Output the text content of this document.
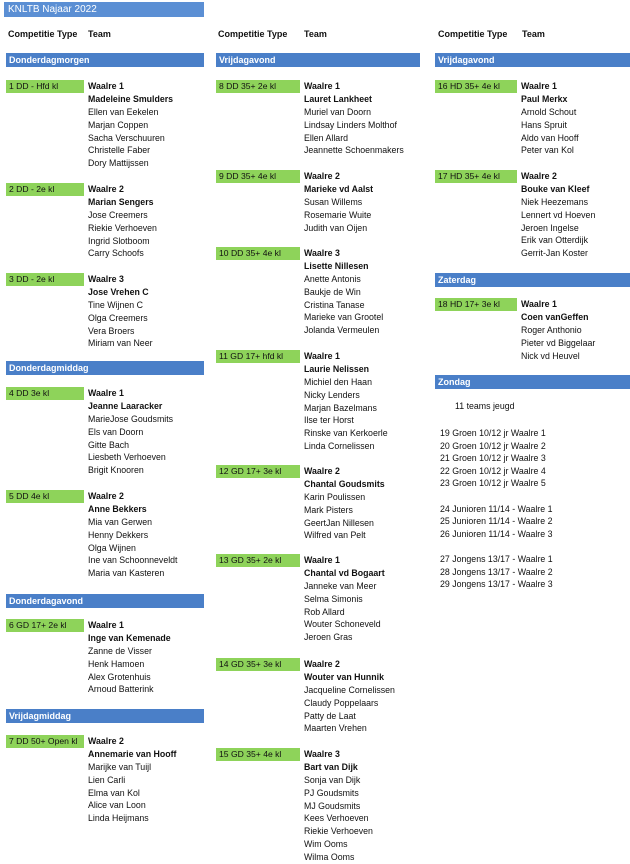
KNLTB Najaar 2022
Competitie Type Team	Competitie Type Team	Competitie Type Team
Donderdagmorgen
1 DD - Hfd kl	Waalre 1
Madeleine Smulders
Ellen van Eekelen
Marjan Coppen
Sacha Verschuuren
Christelle Faber
Dory Mattijssen
2 DD - 2e kl	Waalre 2
Marian Sengers
Jose Creemers
Riekie Verhoeven
Ingrid Slotboom
Carry Schoofs
3 DD - 2e kl	Waalre 3
Jose Vrehen C
Tine Wijnen C
Olga Creemers
Vera Broers
Miriam van Neer
Donderdagmiddag
4 DD 3e kl	Waalre 1
Jeanne Laaracker
MarieJose Goudsmits
Els van Doorn
Gitte Bach
Liesbeth Verhoeven
Brigit Knooren
5 DD 4e kl	Waalre 2
Anne Bekkers
Mia van Gerwen
Henny Dekkers
Olga Wijnen
Ine van Schoonneveldt
Maria van Kasteren
Donderdagavond
6 GD 17+ 2e kl	Waalre 1
Inge van Kemenade
Zanne de Visser
Henk Hamoen
Alex Grotenhuis
Arnoud Batterink
Vrijdagmiddag
7 DD 50+ Open kl	Waalre 2
Annemarie van Hooff
Marijke van Tuijl
Lien Carli
Elma van Kol
Alice van Loon
Linda Heijmans
Vrijdagavond
8 DD 35+ 2e kl	Waalre 1
Lauret Lankheet
Muriel van Doorn
Lindsay Linders Molthof
Ellen Allard
Jeannette Schoenmakers
9 DD 35+ 4e kl	Waalre 2
Marieke vd Aalst
Susan Willems
Rosemarie Wuite
Judith van Oijen
10 DD 35+ 4e kl	Waalre 3
Lisette Nillesen
Anette Antonis
Baukje de Win
Cristina Tanase
Marieke van Grootel
Jolanda Vermeulen
11 GD 17+ hfd kl	Waalre 1
Laurie Nelissen
Michiel den Haan
Nicky Lenders
Marjan Bazelmans
Ilse ter Horst
Rinske van Kerkoerle
Linda Cornelissen
12 GD 17+ 3e kl	Waalre 2
Chantal Goudsmits
Karin Poulissen
Mark Pisters
GeertJan Nillesen
Wilfred van Pelt
13 GD 35+ 2e kl	Waalre 1
Chantal vd Bogaart
Janneke van Meer
Selma Simonis
Rob Allard
Wouter Schoneveld
Jeroen Gras
14 GD 35+ 3e kl	Waalre 2
Wouter van Hunnik
Jacqueline Cornelissen
Claudy Poppelaars
Patty de Laat
Maarten Vrehen
15 GD 35+ 4e kl	Waalre 3
Bart van Dijk
Sonja van Dijk
PJ Goudsmits
MJ Goudsmits
Kees Verhoeven
Riekie Verhoeven
Wim Ooms
Wilma Ooms
Vrijdagavond
16 HD 35+ 4e kl	Waalre 1
Paul Merkx
Arnold Schout
Hans Spruit
Aldo van Hooff
Peter van Kol
17 HD 35+ 4e kl	Waalre 2
Bouke van Kleef
Niek Heezemans
Lennert vd Hoeven
Jeroen Ingelse
Erik van Otterdijk
Gerrit-Jan Koster
Zaterdag
18 HD 17+ 3e kl	Waalre 1
Coen vanGeffen
Roger Anthonio
Pieter vd Biggelaar
Nick vd Heuvel
Zondag
11 teams jeugd
19 Groen 10/12 jr Waalre 1
20 Groen 10/12 jr Waalre 2
21 Groen 10/12 jr Waalre 3
22 Groen 10/12 jr Waalre 4
23 Groen 10/12 jr Waalre 5
24 Junioren 11/14 - Waalre 1
25 Junioren 11/14 - Waalre 2
26 Junioren 11/14 - Waalre 3
27 Jongens 13/17 - Waalre 1
28 Jongens 13/17 - Waalre 2
29 Jongens 13/17 - Waalre 3
